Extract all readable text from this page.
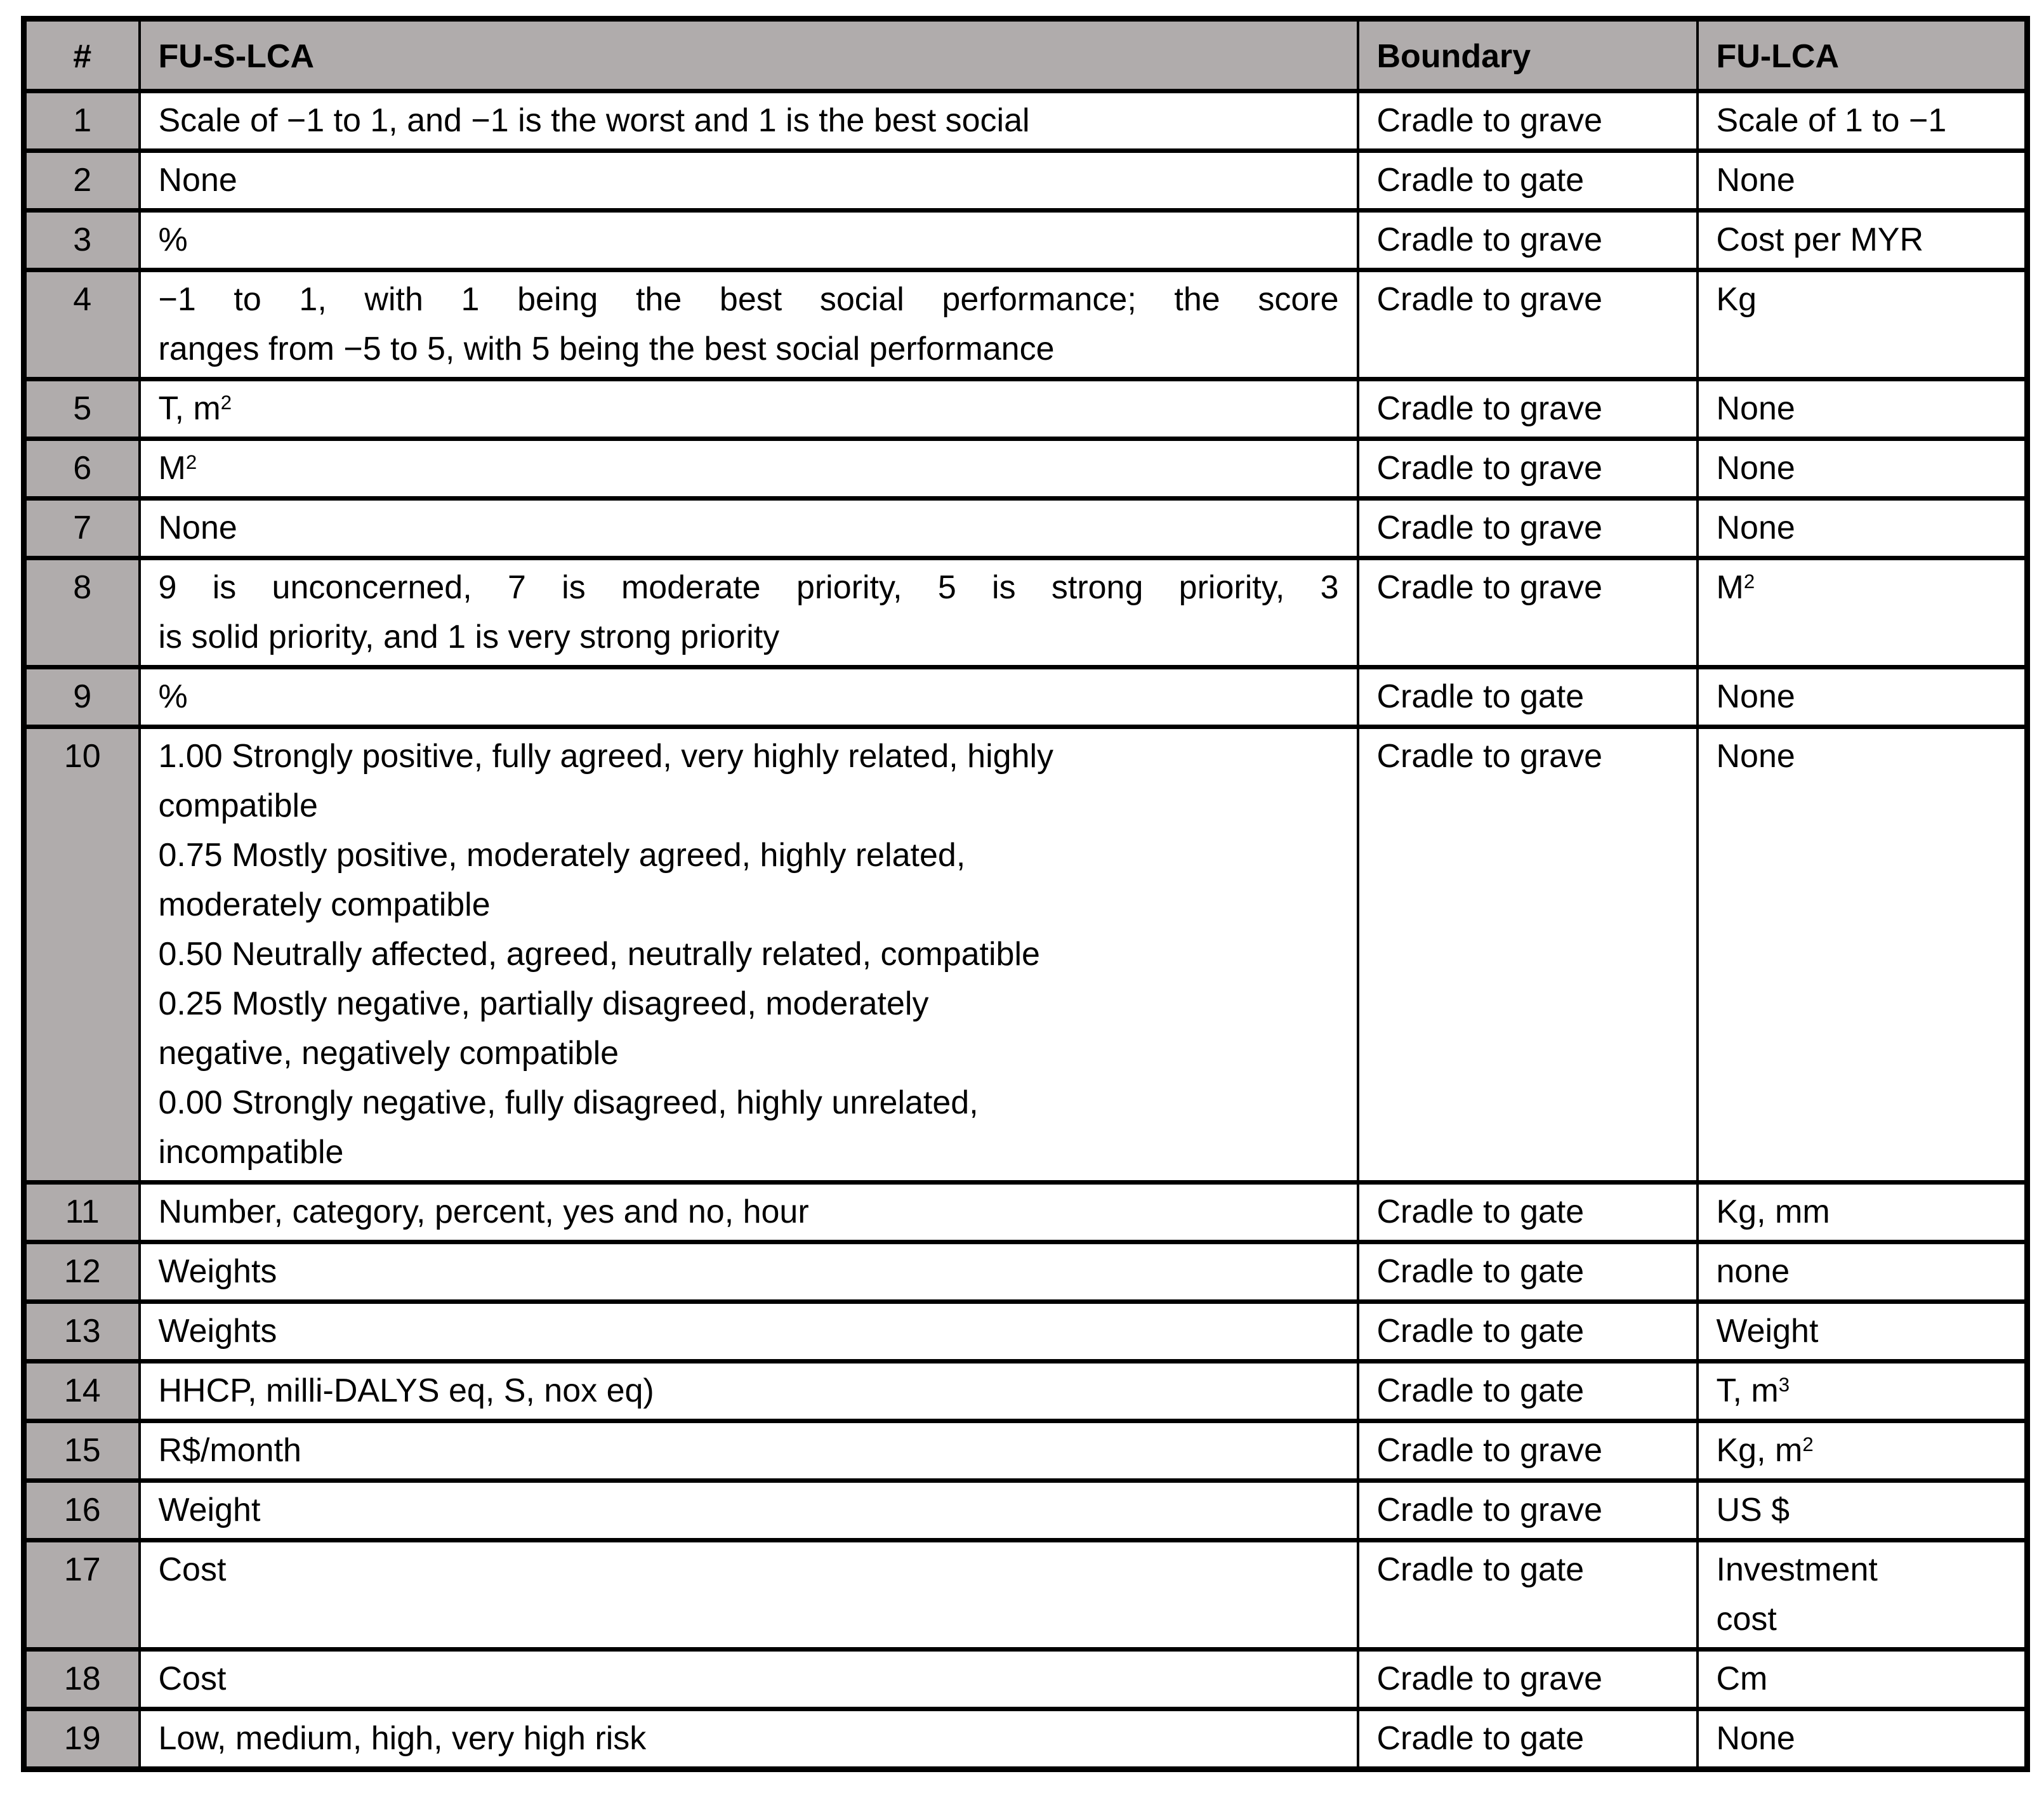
#	FU-S-LCA	Boundary	FU-LCA
1	Scale of −1 to 1, and −1 is the worst and 1 is the best social	Cradle to grave	Scale of 1 to −1

2	None	Cradle to gate	None

3	%	Cradle to grave	Cost per MYR

4	−1 to 1, with 1 being the best social performance; the score
ranges from −5 to 5, with 5 being the best social performance	Cradle to grave	Kg

5	T, $m^2$	Cradle to grave	None

6	$M^2$	Cradle to grave	None

7	None	Cradle to grave	None

8	9 is unconcerned, 7 is moderate priority, 5 is strong priority, 3
is solid priority, and 1 is very strong priority	Cradle to grave	$M^2$

9	%	Cradle to gate	None

10	1.00 Strongly positive, fully agreed, very highly related, highly
compatible
0.75 Mostly positive, moderately agreed, highly related,
moderately compatible
0.50 Neutrally affected, agreed, neutrally related, compatible
0.25 Mostly negative, partially disagreed, moderately
negative, negatively compatible
0.00 Strongly negative, fully disagreed, highly unrelated,
incompatible
	Cradle to grave	None

11	Number, category, percent, yes and no, hour	Cradle to gate	Kg, mm

12	Weights	Cradle to gate	none

13	Weights	Cradle to gate	Weight

14	HHCP, milli-DALYS eq, S, nox eq)	Cradle to gate	T, $m^3$

15	R$/month	Cradle to grave	Kg, $m^2$

16	Weight	Cradle to grave	US $

17	Cost	Cradle to gate	Investment
cost

18	Cost	Cradle to grave	Cm

19	Low, medium, high, very high risk	Cradle to gate	None
